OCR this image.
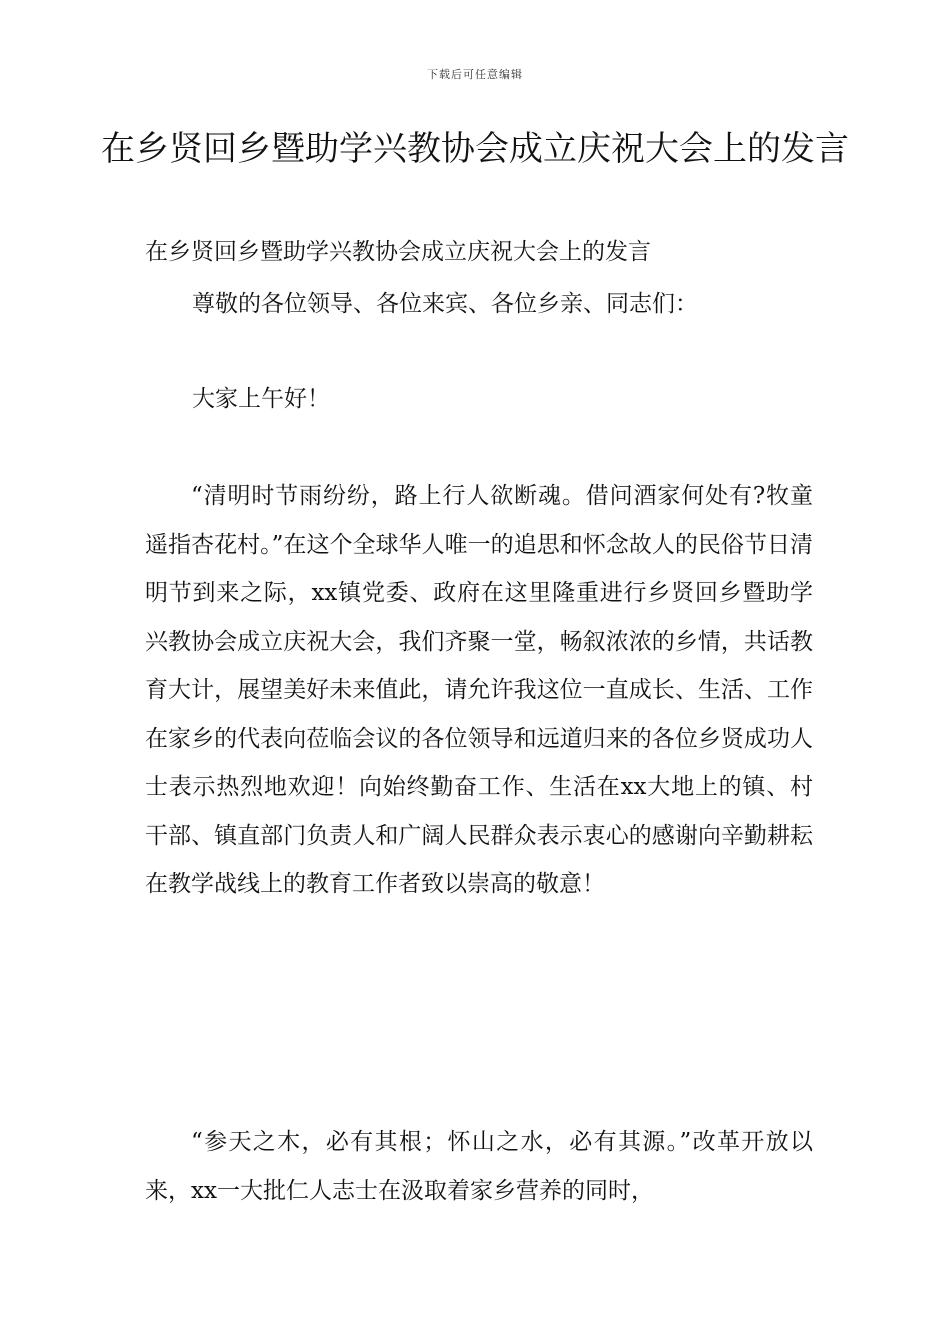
下载后可任意编辑
在乡贤回乡暨助学兴教协会成立庆祝大会上的发言

在乡贤回乡暨助学兴教协会成立庆祝大会上的发言

尊敬的各位领导、各位来宾、各位乡亲、同志们：

大家上午好！

“清明时节雨纷纷，路上行人欲断魂。借问酒家何处有?牧童遥指杏花村。”在这个全球华人唯一的追思和怀念故人的民俗节日清明节到来之际，xx镇党委、政府在这里隆重进行乡贤回乡暨助学兴教协会成立庆祝大会，我们齐聚一堂，畅叙浓浓的乡情，共话教育大计，展望美好未来值此，请允许我这位一直成长、生活、工作在家乡的代表向莅临会议的各位领导和远道归来的各位乡贤成功人士表示热烈地欢迎！向始终勤奋工作、生活在xx大地上的镇、村干部、镇直部门负责人和广阔人民群众表示衷心的感谢向辛勤耕耘在教学战线上的教育工作者致以崇高的敬意！

“参天之木，必有其根；怀山之水，必有其源。”改革开放以来，xx一大批仁人志士在汲取着家乡营养的同时，
